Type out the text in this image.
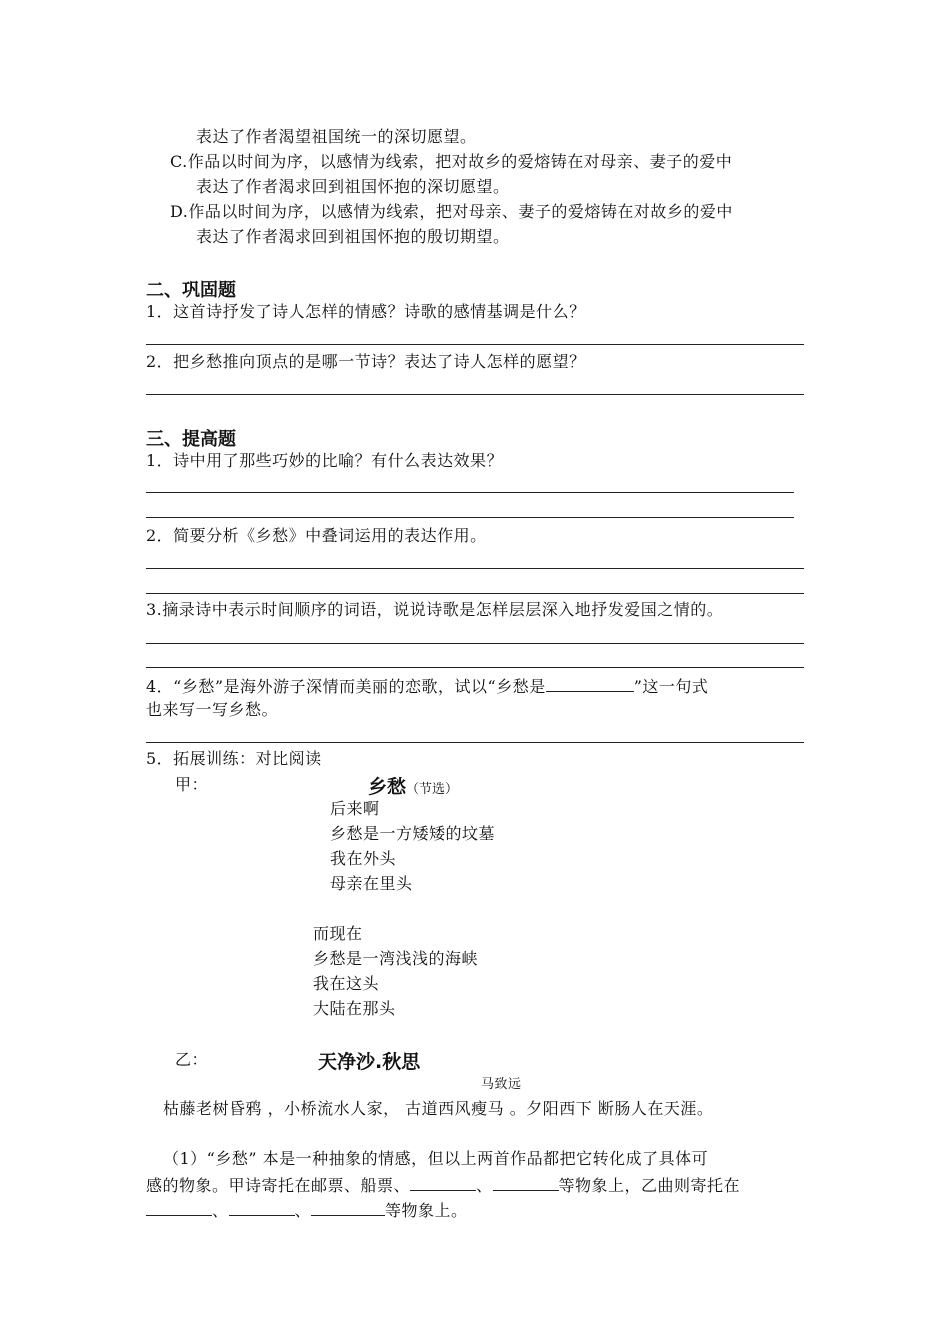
表达了作者渴望祖国统一的深切愿望。
C.作品以时间为序，以感情为线索，把对故乡的爱熔铸在对母亲、妻子的爱中
表达了作者渴求回到祖国怀抱的深切愿望。
D.作品以时间为序，以感情为线索，把对母亲、妻子的爱熔铸在对故乡的爱中
表达了作者渴求回到祖国怀抱的殷切期望。
二、巩固题
1．这首诗抒发了诗人怎样的情感？诗歌的感情基调是什么？
2．把乡愁推向顶点的是哪一节诗？表达了诗人怎样的愿望？
三、提高题
1．诗中用了那些巧妙的比喻？有什么表达效果？
2．简要分析《乡愁》中叠词运用的表达作用。
3.摘录诗中表示时间顺序的词语，说说诗歌是怎样层层深入地抒发爱国之情的。
4．“乡愁”是海外游子深情而美丽的恋歌，试以“乡愁是	”这一句式
也来写一写乡愁。
5．拓展训练：对比阅读
甲：	乡愁（节选）
后来啊
乡愁是一方矮矮的坟墓
我在外头
母亲在里头
而现在
乡愁是一湾浅浅的海峡
我在这头
大陆在那头
乙：	天净沙.秋思
马致远
枯藤老树昏鸦 ，小桥流水人家， 古道西风瘦马 。夕阳西下 断肠人在天涯。
（1）“乡愁” 本是一种抽象的情感，但以上两首作品都把它转化成了具体可
感的物象。甲诗寄托在邮票、船票、	、	等物象上，乙曲则寄托在
、	、	等物象上。
